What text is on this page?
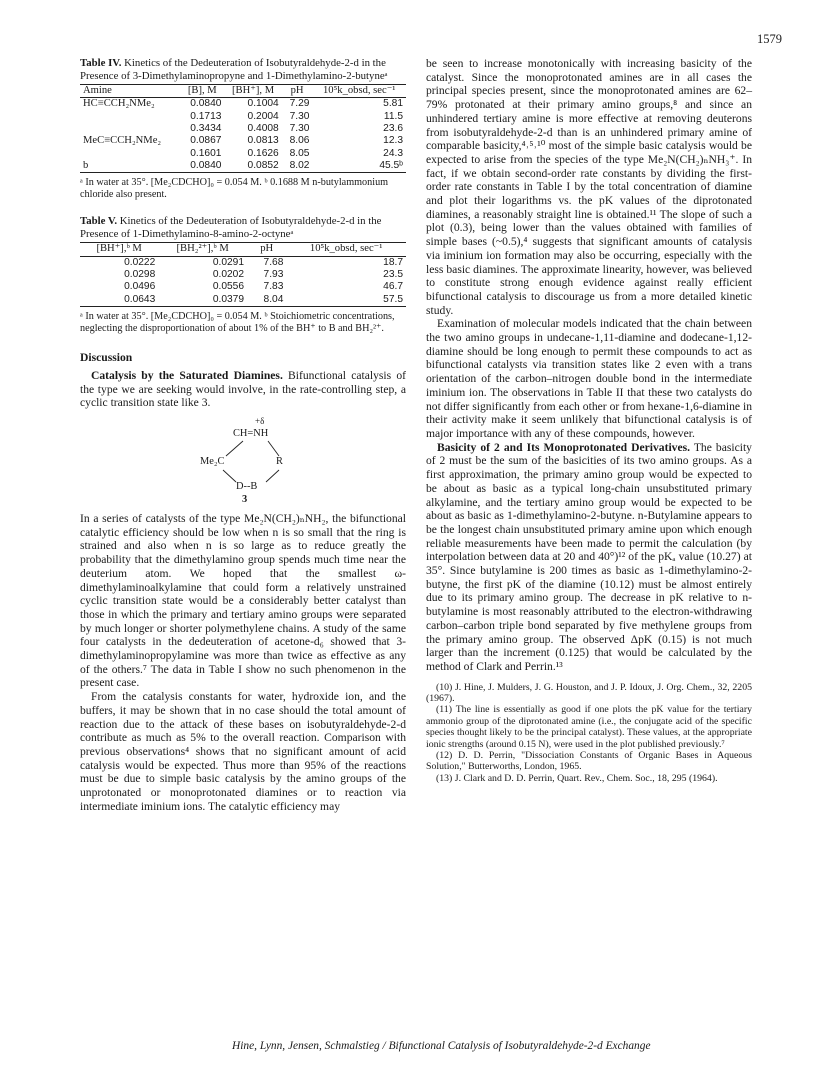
1579

Table IV. Kinetics of the Dedeuteration of Isobutyraldehyde-2-d in the Presence of 3-Dimethylaminopropyne and 1-Dimethylamino-2-butyneᵃ

Amine	[B], M	[BH⁺], M	pH	10⁵k_obsd, sec⁻¹
HC≡CCH₂NMe₂	0.0840	0.1004	7.29	5.81
	0.1713	0.2004	7.30	11.5
	0.3434	0.4008	7.30	23.6
MeC≡CCH₂NMe₂	0.0867	0.0813	8.06	12.3
	0.1601	0.1626	8.05	24.3
b	0.0840	0.0852	8.02	45.5ᵇ

ᵃ In water at 35°. [Me₂CDCHO]₀ = 0.054 M. ᵇ 0.1688 M n-butylammonium chloride also present.

Table V. Kinetics of the Dedeuteration of Isobutyraldehyde-2-d in the Presence of 1-Dimethylamino-8-amino-2-octyneᵃ

[BH⁺],ᵇ M	[BH₂²⁺],ᵇ M	pH	10⁵k_obsd, sec⁻¹
0.0222	0.0291	7.68	18.7
0.0298	0.0202	7.93	23.5
0.0496	0.0556	7.83	46.7
0.0643	0.0379	8.04	57.5

ᵃ In water at 35°. [Me₂CDCHO]₀ = 0.054 M. ᵇ Stoichiometric concentrations, neglecting the disproportionation of about 1% of the BH⁺ to B and BH₂²⁺.

Discussion

Catalysis by the Saturated Diamines. Bifunctional catalysis of the type we are seeking would involve, in the rate-controlling step, a cyclic transition state like 3.

+δ
CH=NH
Me₂C	R
D--B
3

In a series of catalysts of the type Me₂N(CH₂)ₙNH₂, the bifunctional catalytic efficiency should be low when n is so small that the ring is strained and also when n is so large as to reduce greatly the probability that the dimethylamino group spends much time near the deuterium atom. We hoped that the smallest ω-dimethylaminoalkylamine that could form a relatively unstrained cyclic transition state would be a considerably better catalyst than those in which the primary and tertiary amino groups were separated by much longer or shorter polymethylene chains. A study of the same four catalysts in the dedeuteration of acetone-d₆ showed that 3-dimethylaminopropylamine was more than twice as effective as any of the others.⁷ The data in Table I show no such phenomenon in the present case.

From the catalysis constants for water, hydroxide ion, and the buffers, it may be shown that in no case should the total amount of reaction due to the attack of these bases on isobutyraldehyde-2-d contribute as much as 5% to the overall reaction. Comparison with previous observations⁴ shows that no significant amount of acid catalysis would be expected. Thus more than 95% of the reactions must be due to simple basic catalysis by the amino groups of the unprotonated or monoprotonated diamines or to reaction via intermediate iminium ions. The catalytic efficiency may

be seen to increase monotonically with increasing basicity of the catalyst. Since the monoprotonated amines are in all cases the principal species present, since the monoprotonated amines are 62–79% protonated at their primary amino groups,⁸ and since an unhindered tertiary amine is more effective at removing deuterons from isobutyraldehyde-2-d than is an unhindered primary amine of comparable basicity,⁴˒⁵˒¹⁰ most of the simple basic catalysis would be expected to arise from the species of the type Me₂N(CH₂)ₙNH₃⁺. In fact, if we obtain second-order rate constants by dividing the first-order rate constants in Table I by the total concentration of diamine and plot their logarithms vs. the pK values of the diprotonated diamines, a reasonably straight line is obtained.¹¹ The slope of such a plot (0.3), being lower than the values obtained with families of simple bases (~0.5),⁴ suggests that significant amounts of catalysis via iminium ion formation may also be occurring, especially with the less basic diamines. The approximate linearity, however, was believed to constitute strong enough evidence against really efficient bifunctional catalysis to discourage us from a more detailed kinetic study.

Examination of molecular models indicated that the chain between the two amino groups in undecane-1,11-diamine and dodecane-1,12-diamine should be long enough to permit these compounds to act as bifunctional catalysts via transition states like 2 even with a trans orientation of the carbon–nitrogen double bond in the intermediate iminium ion. The observations in Table II that these two catalysts do not differ significantly from each other or from hexane-1,6-diamine in their activity make it seem unlikely that bifunctional catalysis is of major importance with any of these compounds, however.

Basicity of 2 and Its Monoprotonated Derivatives. The basicity of 2 must be the sum of the basicities of its two amino groups. As a first approximation, the primary amino group would be expected to be about as basic as a typical long-chain unsubstituted primary alkylamine, and the tertiary amino group would be expected to be about as basic as 1-dimethylamino-2-butyne. n-Butylamine appears to be the longest chain unsubstituted primary amine upon which enough reliable measurements have been made to permit the calculation (by interpolation between data at 20 and 40°)¹² of the pKₐ value (10.27) at 35°. Since butylamine is 200 times as basic as 1-dimethylamino-2-butyne, the first pK of the diamine (10.12) must be almost entirely due to its primary amino group. The decrease in pK relative to n-butylamine is most reasonably attributed to the electron-withdrawing carbon–carbon triple bond separated by five methylene groups from the primary amino group. The observed ΔpK (0.15) is not much larger than the increment (0.125) that would be calculated by the method of Clark and Perrin.¹³

(10) J. Hine, J. Mulders, J. G. Houston, and J. P. Idoux, J. Org. Chem., 32, 2205 (1967).

(11) The line is essentially as good if one plots the pK value for the tertiary ammonio group of the diprotonated amine (i.e., the conjugate acid of the specific species thought likely to be the principal catalyst). These values, at the appropriate ionic strengths (around 0.15 N), were used in the plot published previously.⁷

(12) D. D. Perrin, "Dissociation Constants of Organic Bases in Aqueous Solution," Butterworths, London, 1965.

(13) J. Clark and D. D. Perrin, Quart. Rev., Chem. Soc., 18, 295 (1964).

Hine, Lynn, Jensen, Schmalstieg / Bifunctional Catalysis of Isobutyraldehyde-2-d Exchange
